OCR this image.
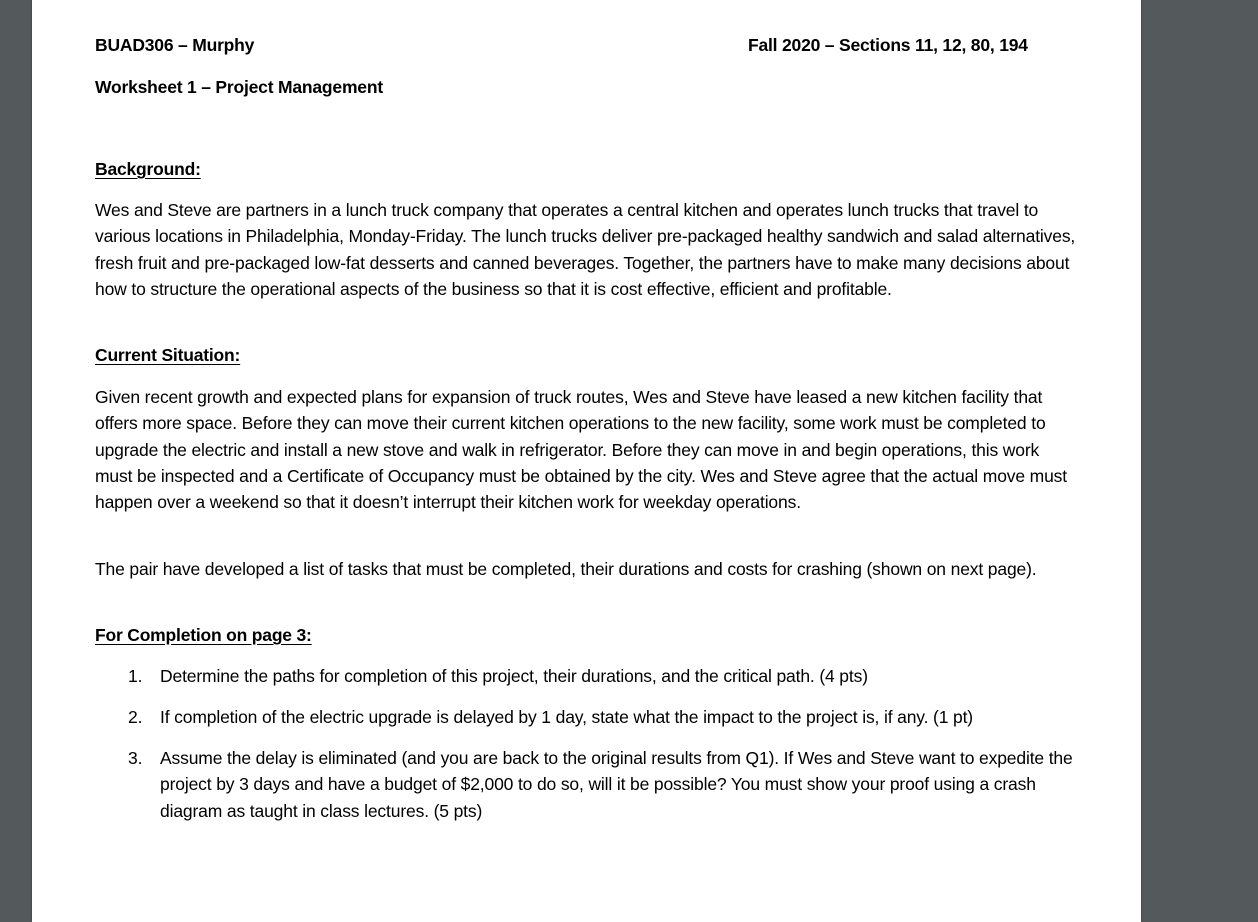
BUAD306 – Murphy	Fall 2020 – Sections 11, 12, 80, 194
Worksheet 1 – Project Management
Background:
Wes and Steve are partners in a lunch truck company that operates a central kitchen and operates lunch trucks that travel to various locations in Philadelphia, Monday-Friday. The lunch trucks deliver pre-packaged healthy sandwich and salad alternatives, fresh fruit and pre-packaged low-fat desserts and canned beverages. Together, the partners have to make many decisions about how to structure the operational aspects of the business so that it is cost effective, efficient and profitable.
Current Situation:
Given recent growth and expected plans for expansion of truck routes, Wes and Steve have leased a new kitchen facility that offers more space. Before they can move their current kitchen operations to the new facility, some work must be completed to upgrade the electric and install a new stove and walk in refrigerator. Before they can move in and begin operations, this work must be inspected and a Certificate of Occupancy must be obtained by the city. Wes and Steve agree that the actual move must happen over a weekend so that it doesn’t interrupt their kitchen work for weekday operations.
The pair have developed a list of tasks that must be completed, their durations and costs for crashing (shown on next page).
For Completion on page 3:
1. Determine the paths for completion of this project, their durations, and the critical path. (4 pts)
2. If completion of the electric upgrade is delayed by 1 day, state what the impact to the project is, if any. (1 pt)
3. Assume the delay is eliminated (and you are back to the original results from Q1). If Wes and Steve want to expedite the project by 3 days and have a budget of $2,000 to do so, will it be possible? You must show your proof using a crash diagram as taught in class lectures. (5 pts)
